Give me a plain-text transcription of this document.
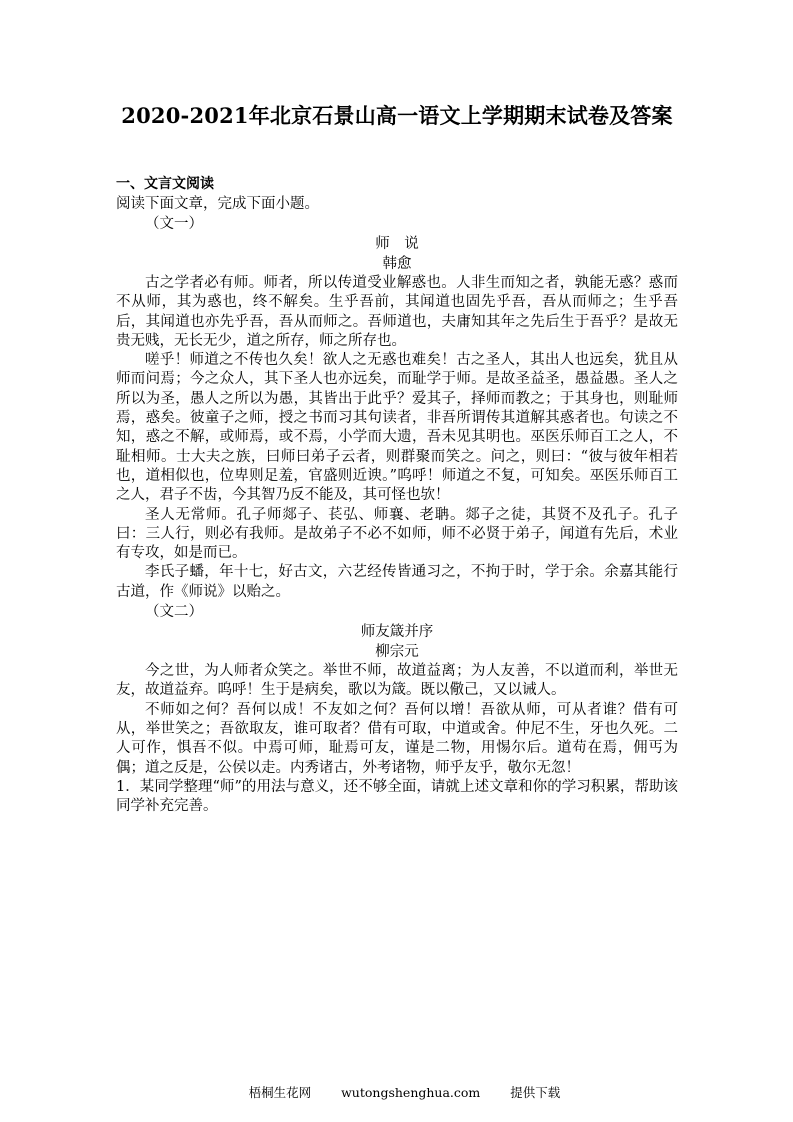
2020-2021年北京石景山高一语文上学期期末试卷及答案
一、文言文阅读

阅读下面文章，完成下面小题。

（文一）

师　说

韩愈

古之学者必有师。师者，所以传道受业解惑也。人非生而知之者，孰能无惑？惑而不从师，其为惑也，终不解矣。生乎吾前，其闻道也固先乎吾，吾从而师之；生乎吾后，其闻道也亦先乎吾，吾从而师之。吾师道也，夫庸知其年之先后生于吾乎？是故无贵无贱，无长无少，道之所存，师之所存也。

嗟乎！师道之不传也久矣！欲人之无惑也难矣！古之圣人，其出人也远矣，犹且从师而问焉；今之众人，其下圣人也亦远矣，而耻学于师。是故圣益圣，愚益愚。圣人之所以为圣，愚人之所以为愚，其皆出于此乎？爱其子，择师而教之；于其身也，则耻师焉，惑矣。彼童子之师，授之书而习其句读者，非吾所谓传其道解其惑者也。句读之不知，惑之不解，或师焉，或不焉，小学而大遗，吾未见其明也。巫医乐师百工之人，不耻相师。士大夫之族，曰师曰弟子云者，则群聚而笑之。问之，则曰：“彼与彼年相若也，道相似也，位卑则足羞，官盛则近谀。”呜呼！师道之不复，可知矣。巫医乐师百工之人，君子不齿，今其智乃反不能及，其可怪也欤！

圣人无常师。孔子师郯子、苌弘、师襄、老聃。郯子之徒，其贤不及孔子。孔子曰：三人行，则必有我师。是故弟子不必不如师，师不必贤于弟子，闻道有先后，术业有专攻，如是而已。

李氏子蟠，年十七，好古文，六艺经传皆通习之，不拘于时，学于余。余嘉其能行古道，作《师说》以贻之。

（文二）

师友箴并序

柳宗元

今之世，为人师者众笑之。举世不师，故道益离；为人友善，不以道而利，举世无友，故道益弃。呜呼！生于是病矣，歌以为箴。既以儆己，又以诫人。

不师如之何？吾何以成！不友如之何？吾何以增！吾欲从师，可从者谁？借有可从，举世笑之；吾欲取友，谁可取者？借有可取，中道或舍。仲尼不生，牙也久死。二人可作，惧吾不似。中焉可师，耻焉可友，谨是二物，用惕尔后。道苟在焉，佣丐为偶；道之反是，公侯以走。内秀诸古，外考诸物，师乎友乎，敬尔无忽！

1．某同学整理“师”的用法与意义，还不够全面，请就上述文章和你的学习积累，帮助该同学补充完善。

梧桐生花网 wutongshenghua.com 提供下载
